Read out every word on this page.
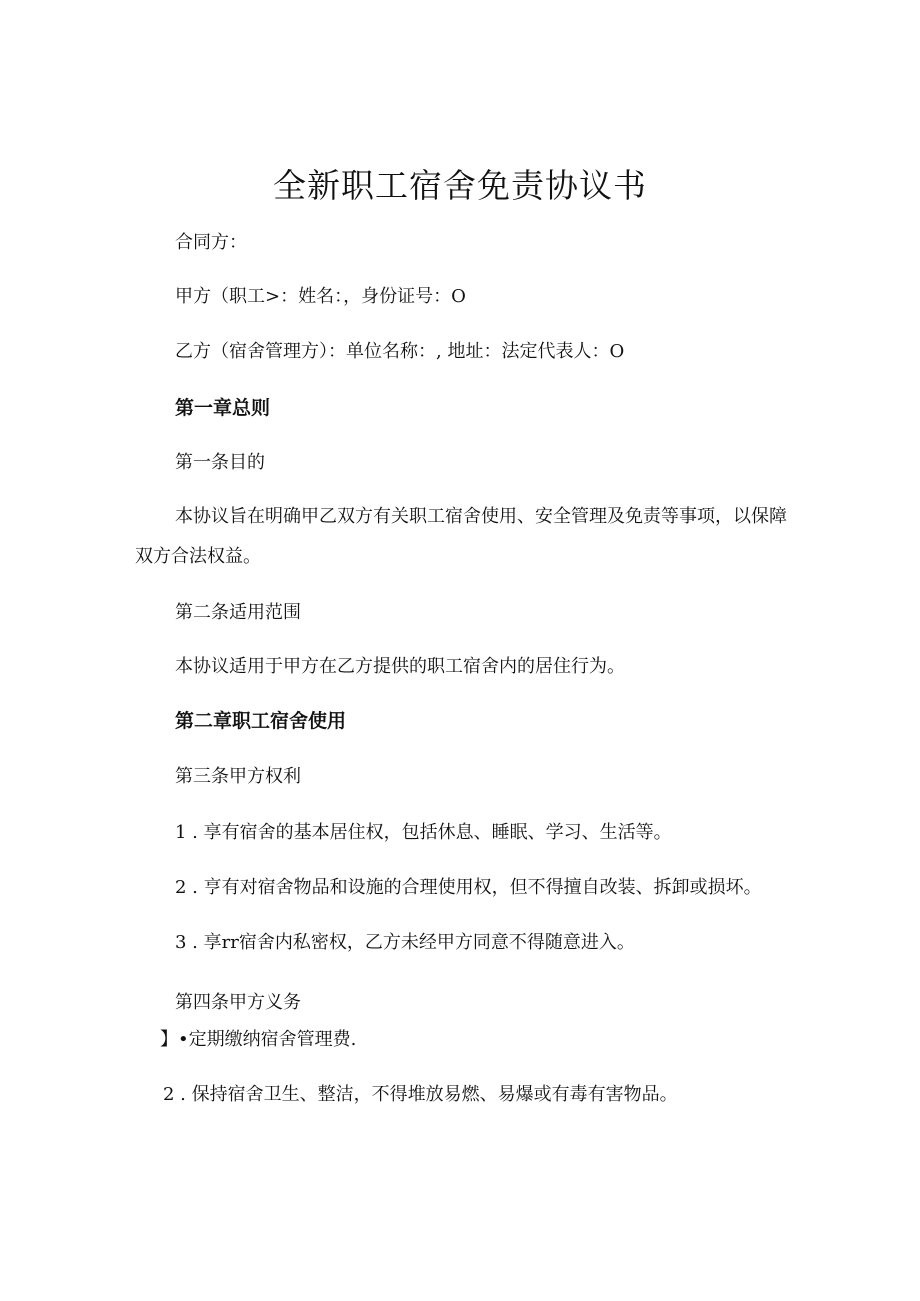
全新职工宿舍免责协议书
合同方：
甲方（职工>：姓名：，身份证号：O
乙方（宿舍管理方）：单位名称：, 地址：法定代表人：O
第一章总则
第一条目的
本协议旨在明确甲乙双方有关职工宿舍使用、安全管理及免责等事项，以保障双方合法权益。
第二条适用范围
本协议适用于甲方在乙方提供的职工宿舍内的居住行为。
第二章职工宿舍使用
第三条甲方权利
1 . 享有宿舍的基本居住权，包括休息、睡眠、学习、生活等。
2 . 亨有对宿舍物品和设施的合理使用权，但不得擅自改装、拆卸或损坏。
3 . 享rr宿舍内私密权，乙方未经甲方同意不得随意进入。
第四条甲方义务
】•定期缴纳宿舍管理费.
2 . 保持宿舍卫生、整洁，不得堆放易燃、易爆或有毒有害物品。
